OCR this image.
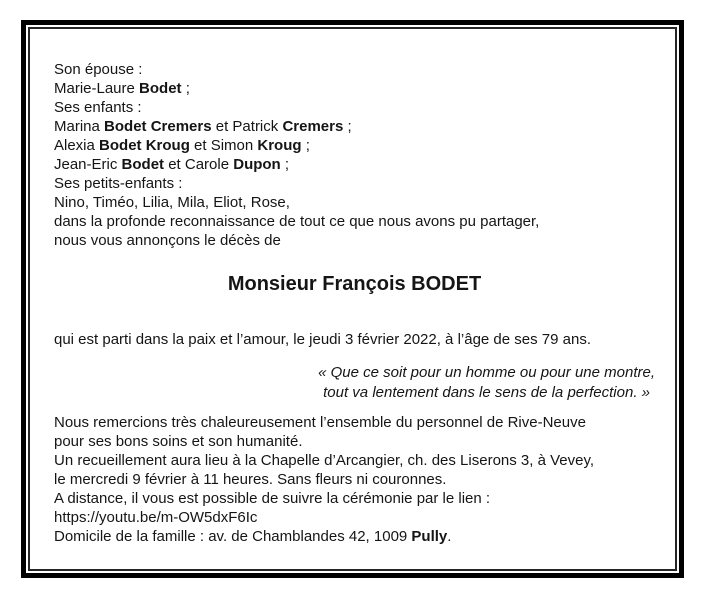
Son épouse :
Marie-Laure Bodet ;
Ses enfants :
Marina Bodet Cremers et Patrick Cremers ;
Alexia Bodet Kroug et Simon Kroug ;
Jean-Eric Bodet et Carole Dupon ;
Ses petits-enfants :
Nino, Timéo, Lilia, Mila, Eliot, Rose,
dans la profonde reconnaissance de tout ce que nous avons pu partager,
nous vous annonçons le décès de
Monsieur François BODET
qui est parti dans la paix et l’amour, le jeudi 3 février 2022, à l’âge de ses 79 ans.
« Que ce soit pour un homme ou pour une montre,
tout va lentement dans le sens de la perfection. »
Nous remercions très chaleureusement l’ensemble du personnel de Rive-Neuve
pour ses bons soins et son humanité.
Un recueillement aura lieu à la Chapelle d’Arcangier, ch. des Liserons 3, à Vevey,
le mercredi 9 février à 11 heures. Sans fleurs ni couronnes.
A distance, il vous est possible de suivre la cérémonie par le lien :
https://youtu.be/m-OW5dxF6Ic
Domicile de la famille : av. de Chamblandes 42, 1009 Pully.
